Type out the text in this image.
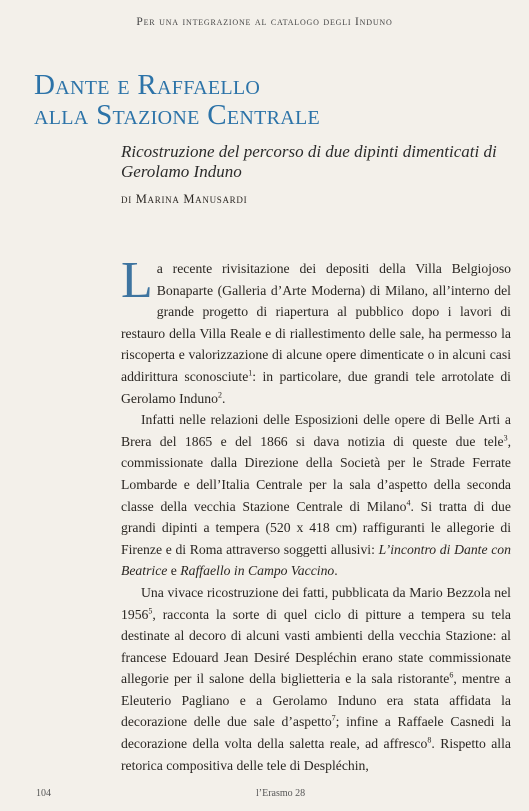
Per una integrazione al catalogo degli Induno
Dante e Raffaello
alla Stazione Centrale
Ricostruzione del percorso di due dipinti dimenticati di Gerolamo Induno
di Marina Manusardi

La recente rivisitazione dei depositi della Villa Belgiojoso Bonaparte (Galleria d’Arte Moderna) di Milano, all’interno del grande progetto di riapertura al pubblico dopo i lavori di restauro della Villa Reale e di riallestimento delle sale, ha permesso la riscoperta e valorizzazione di alcune opere dimenticate o in alcuni casi addirittura sconosciute$^1$: in particolare, due grandi tele arrotolate di Gerolamo Induno$^2$.

Infatti nelle relazioni delle Esposizioni delle opere di Belle Arti a Brera del 1865 e del 1866 si dava notizia di queste due tele$^3$, commissionate dalla Direzione della Società per le Strade Ferrate Lombarde e dell’Italia Centrale per la sala d’aspetto della seconda classe della vecchia Stazione Centrale di Milano$^4$. Si tratta di due grandi dipinti a tempera (520 x 418 cm) raffiguranti le allegorie di Firenze e di Roma attraverso soggetti allusivi: L’incontro di Dante con Beatrice e Raffaello in Campo Vaccino.

Una vivace ricostruzione dei fatti, pubblicata da Mario Bezzola nel 1956$^5$, racconta la sorte di quel ciclo di pitture a tempera su tela destinate al decoro di alcuni vasti ambienti della vecchia Stazione: al francese Edouard Jean Desiré Despléchin erano state commissionate allegorie per il salone della biglietteria e la sala ristorante$^6$, mentre a Eleuterio Pagliano e a Gerolamo Induno era stata affidata la decorazione delle due sale d’aspetto$^7$; infine a Raffaele Casnedi la decorazione della volta della saletta reale, ad affresco$^8$. Rispetto alla retorica compositiva delle tele di Despléchin,

104	l’Erasmo 28
